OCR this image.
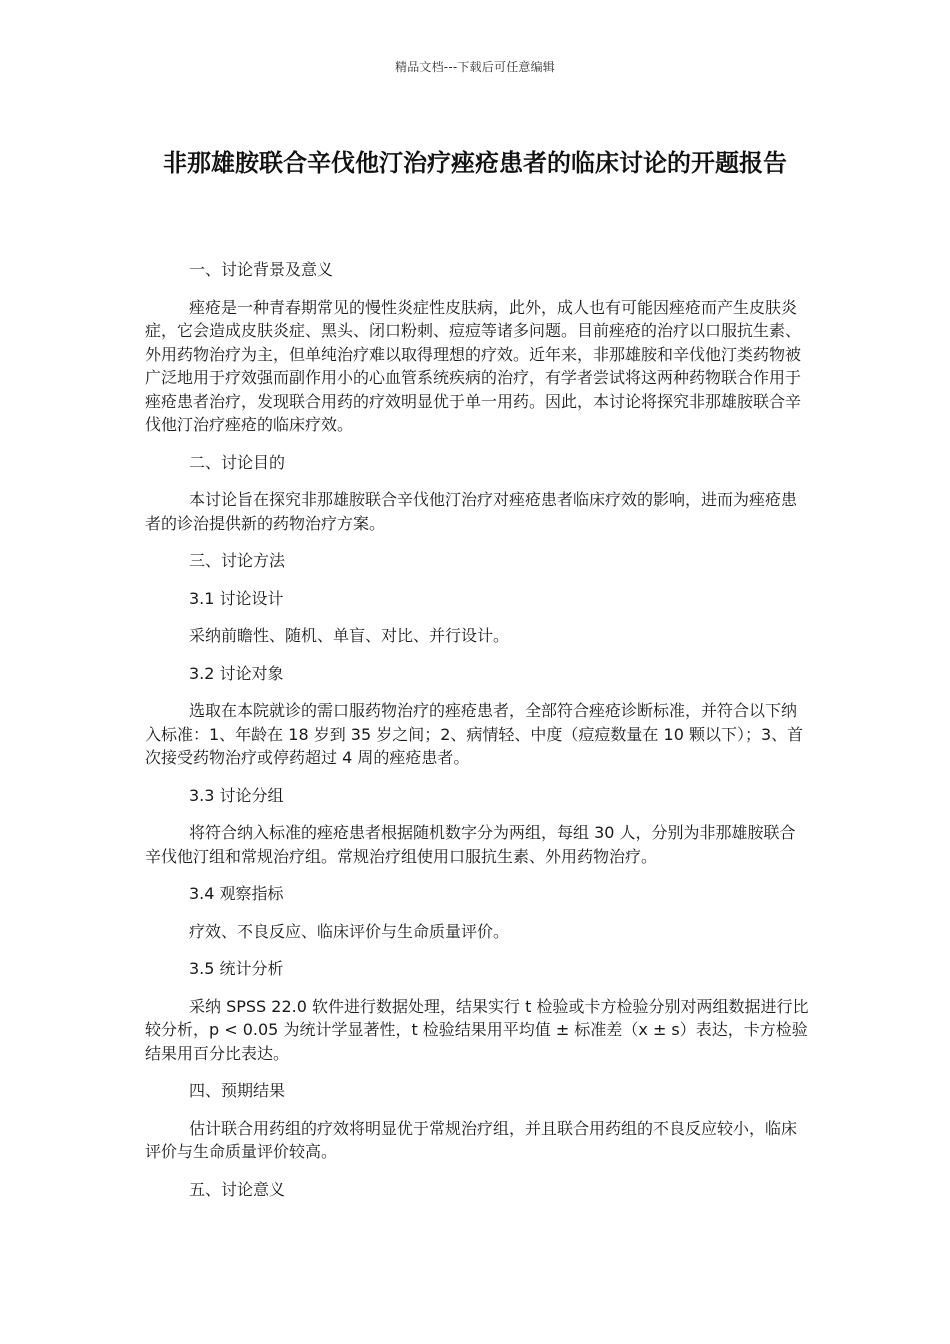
精品文档---下载后可任意编辑
非那雄胺联合辛伐他汀治疗痤疮患者的临床讨论的开题报告

一、讨论背景及意义

痤疮是一种青春期常见的慢性炎症性皮肤病，此外，成人也有可能因痤疮而产生皮肤炎症，它会造成皮肤炎症、黑头、闭口粉刺、痘痘等诸多问题。目前痤疮的治疗以口服抗生素、外用药物治疗为主，但单纯治疗难以取得理想的疗效。近年来，非那雄胺和辛伐他汀类药物被广泛地用于疗效强而副作用小的心血管系统疾病的治疗，有学者尝试将这两种药物联合作用于痤疮患者治疗，发现联合用药的疗效明显优于单一用药。因此，本讨论将探究非那雄胺联合辛伐他汀治疗痤疮的临床疗效。

二、讨论目的

本讨论旨在探究非那雄胺联合辛伐他汀治疗对痤疮患者临床疗效的影响，进而为痤疮患者的诊治提供新的药物治疗方案。

三、讨论方法

3.1 讨论设计

采纳前瞻性、随机、单盲、对比、并行设计。

3.2 讨论对象

选取在本院就诊的需口服药物治疗的痤疮患者，全部符合痤疮诊断标准，并符合以下纳入标准：1、年龄在 18 岁到 35 岁之间；2、病情轻、中度（痘痘数量在 10 颗以下）；3、首次接受药物治疗或停药超过 4 周的痤疮患者。

3.3 讨论分组

将符合纳入标准的痤疮患者根据随机数字分为两组，每组 30 人，分别为非那雄胺联合辛伐他汀组和常规治疗组。常规治疗组使用口服抗生素、外用药物治疗。

3.4 观察指标

疗效、不良反应、临床评价与生命质量评价。

3.5 统计分析

采纳 SPSS 22.0 软件进行数据处理，结果实行 t 检验或卡方检验分别对两组数据进行比较分析，p < 0.05 为统计学显著性，t 检验结果用平均值 ± 标准差（x ± s）表达，卡方检验结果用百分比表达。

四、预期结果

估计联合用药组的疗效将明显优于常规治疗组，并且联合用药组的不良反应较小，临床评价与生命质量评价较高。

五、讨论意义
